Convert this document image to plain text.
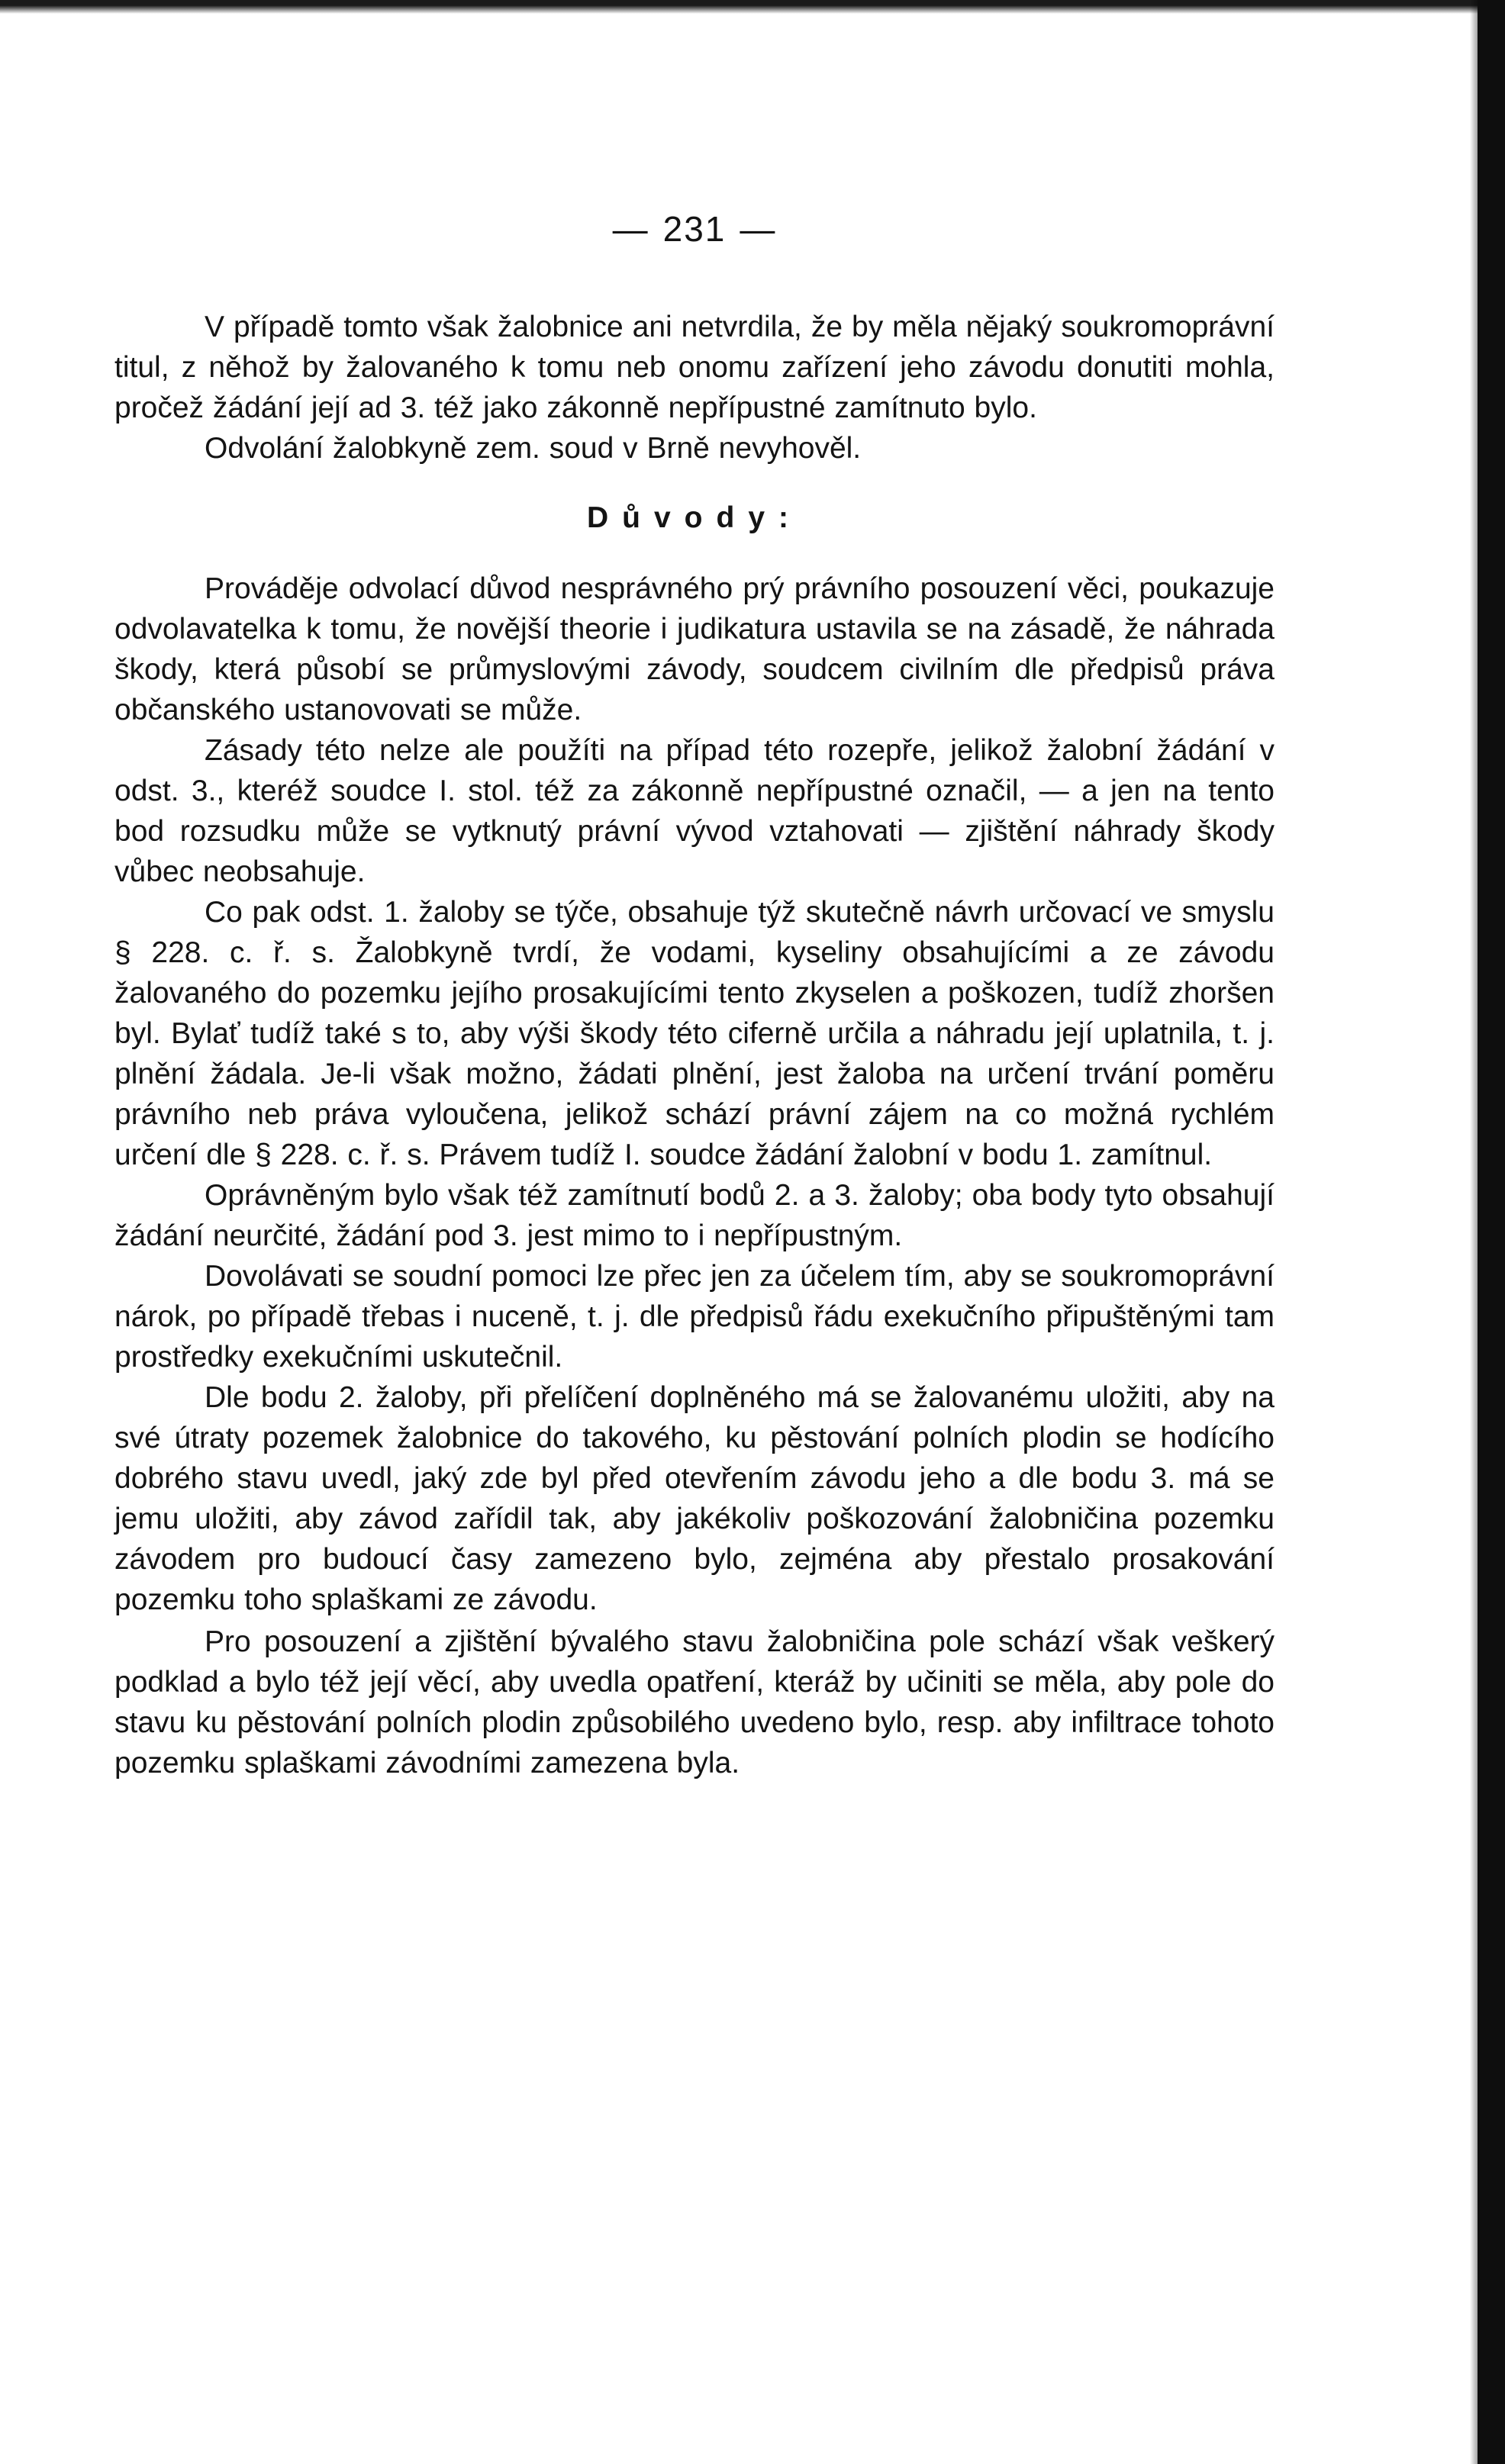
— 231 —

V případě tomto však žalobnice ani netvrdila, že by měla nějaký soukromoprávní titul, z něhož by žalovaného k tomu neb onomu zařízení jeho závodu donutiti mohla, pročež žádání její ad 3. též jako zákonně nepřípustné zamítnuto bylo.

Odvolání žalobkyně zem. soud v Brně nevyhověl.

Důvody:

Prováděje odvolací důvod nesprávného prý právního posouzení věci, poukazuje odvolavatelka k tomu, že novější theorie i judikatura ustavila se na zásadě, že náhrada škody, která působí se průmyslovými závody, soudcem civilním dle předpisů práva občanského ustanovovati se může.

Zásady této nelze ale použíti na případ této rozepře, jelikož žalobní žádání v odst. 3., kteréž soudce I. stol. též za zákonně nepřípustné označil, — a jen na tento bod rozsudku může se vytknutý právní vývod vztahovati — zjištění náhrady škody vůbec neobsahuje.

Co pak odst. 1. žaloby se týče, obsahuje týž skutečně návrh určovací ve smyslu § 228. c. ř. s. Žalobkyně tvrdí, že vodami, kyseliny obsahujícími a ze závodu žalovaného do pozemku jejího prosakujícími tento zkyselen a poškozen, tudíž zhoršen byl. Bylať tudíž také s to, aby výši škody této ciferně určila a náhradu její uplatnila, t. j. plnění žádala. Je-li však možno, žádati plnění, jest žaloba na určení trvání poměru právního neb práva vyloučena, jelikož schází právní zájem na co možná rychlém určení dle § 228. c. ř. s. Právem tudíž I. soudce žádání žalobní v bodu 1. zamítnul.

Oprávněným bylo však též zamítnutí bodů 2. a 3. žaloby; oba body tyto obsahují žádání neurčité, žádání pod 3. jest mimo to i nepřípustným.

Dovolávati se soudní pomoci lze přec jen za účelem tím, aby se soukromoprávní nárok, po případě třebas i nuceně, t. j. dle předpisů řádu exekučního připuštěnými tam prostředky exekučními uskutečnil.

Dle bodu 2. žaloby, při přelíčení doplněného má se žalovanému uložiti, aby na své útraty pozemek žalobnice do takového, ku pěstování polních plodin se hodícího dobrého stavu uvedl, jaký zde byl před otevřením závodu jeho a dle bodu 3. má se jemu uložiti, aby závod zařídil tak, aby jakékoliv poškozování žalobničina pozemku závodem pro budoucí časy zamezeno bylo, zejména aby přestalo prosakování pozemku toho splaškami ze závodu.

Pro posouzení a zjištění bývalého stavu žalobničina pole schází však veškerý podklad a bylo též její věcí, aby uvedla opatření, kteráž by učiniti se měla, aby pole do stavu ku pěstování polních plodin způsobilého uvedeno bylo, resp. aby infiltrace tohoto pozemku splaškami závodními zamezena byla.
